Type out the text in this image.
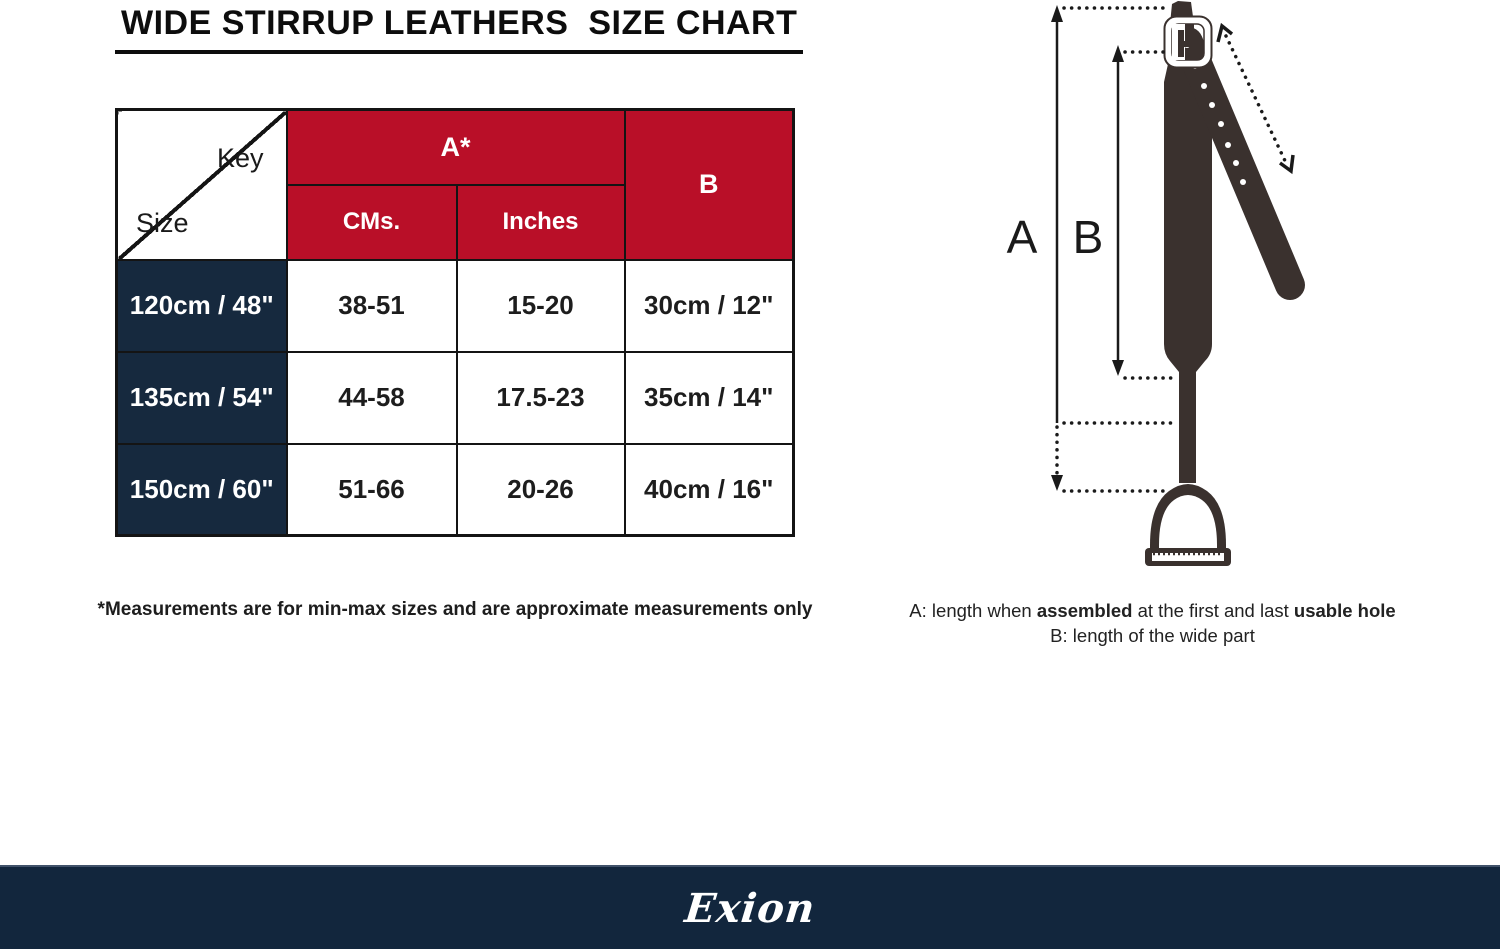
WIDE STIRRUP LEATHERS  SIZE CHART
Key
Size	A*		B
	CMs.	Inches	
120cm / 48"	38-51	15-20	30cm / 12"
135cm / 54"	44-58	17.5-23	35cm / 14"
150cm / 60"	51-66	20-26	40cm / 16"
*Measurements are for min-max sizes and are approximate measurements only
A B
A: length when assembled at the first and last usable hole
B: length of the wide part
Exion
